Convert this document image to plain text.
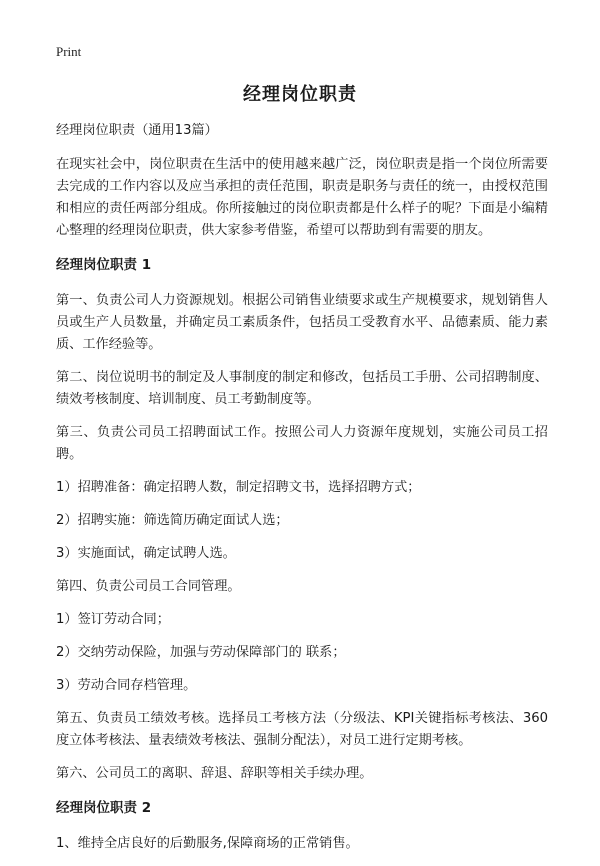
Print
经理岗位职责

经理岗位职责（通用13篇）

在现实社会中，岗位职责在生活中的使用越来越广泛，岗位职责是指一个岗位所需要去完成的工作内容以及应当承担的责任范围，职责是职务与责任的统一，由授权范围和相应的责任两部分组成。你所接触过的岗位职责都是什么样子的呢？下面是小编精心整理的经理岗位职责，供大家参考借鉴，希望可以帮助到有需要的朋友。

经理岗位职责 1

第一、负责公司人力资源规划。根据公司销售业绩要求或生产规模要求，规划销售人员或生产人员数量，并确定员工素质条件，包括员工受教育水平、品德素质、能力素质、工作经验等。

第二、岗位说明书的制定及人事制度的制定和修改，包括员工手册、公司招聘制度、绩效考核制度、培训制度、员工考勤制度等。

第三、负责公司员工招聘面试工作。按照公司人力资源年度规划，实施公司员工招聘。

1）招聘准备：确定招聘人数，制定招聘文书，选择招聘方式；

2）招聘实施：筛选简历确定面试人选；

3）实施面试，确定试聘人选。

第四、负责公司员工合同管理。

1）签订劳动合同；

2）交纳劳动保险，加强与劳动保障部门的 联系；

3）劳动合同存档管理。

第五、负责员工绩效考核。选择员工考核方法（分级法、KPI关键指标考核法、360度立体考核法、量表绩效考核法、强制分配法），对员工进行定期考核。

第六、公司员工的离职、辞退、辞职等相关手续办理。

经理岗位职责 2

1、维持全店良好的后勤服务,保障商场的正常销售。
